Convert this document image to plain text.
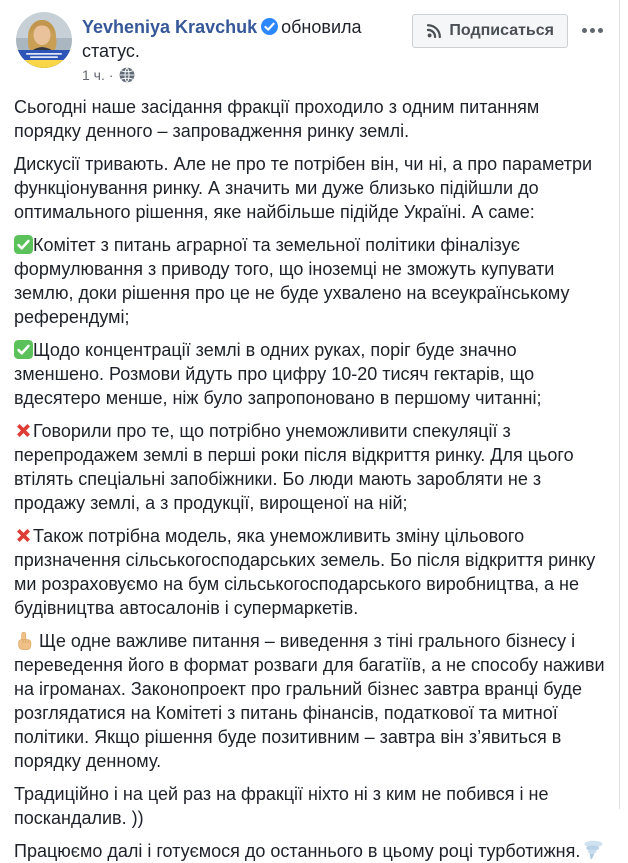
Yevheniya Kravchuk обновила статус.
1 ч. ·
Подписаться

Сьогодні наше засідання фракції проходило з одним питанням порядку денного – запровадження ринку землі.

Дискусії тривають. Але не про те потрібен він, чи ні, а про параметри функціонування ринку. А значить ми дуже близько підійшли до оптимального рішення, яке найбільше підійде Україні. А саме:

Комітет з питань аграрної та земельної політики фіналізує формулювання з приводу того, що іноземці не зможуть купувати землю, доки рішення про це не буде ухвалено на всеукраїнському референдумі;

Щодо концентрації землі в одних руках, поріг буде значно зменшено. Розмови йдуть про цифру 10-20 тисяч гектарів, що вдесятеро менше, ніж було запропоновано в першому читанні;

Говорили про те, що потрібно унеможливити спекуляції з перепродажем землі в перші роки після відкриття ринку. Для цього втілять спеціальні запобіжники. Бо люди мають заробляти не з продажу землі, а з продукції, вирощеної на ній;

Також потрібна модель, яка унеможливить зміну цільового призначення сільськогосподарських земель. Бо після відкриття ринку ми розраховуємо на бум сільськогосподарського виробництва, а не будівництва автосалонів і супермаркетів.

Ще одне важливе питання – виведення з тіні грального бізнесу і переведення його в формат розваги для багатіїв, а не способу наживи на ігроманах. Законопроект про гральний бізнес завтра вранці буде розглядатися на Комітеті з питань фінансів, податкової та митної політики. Якщо рішення буде позитивним – завтра він з’явиться в порядку денному.

Традиційно і на цей раз на фракції ніхто ні з ким не побився і не поскандалив. ))

Працюємо далі і готуємося до останнього в цьому році турботижня.
